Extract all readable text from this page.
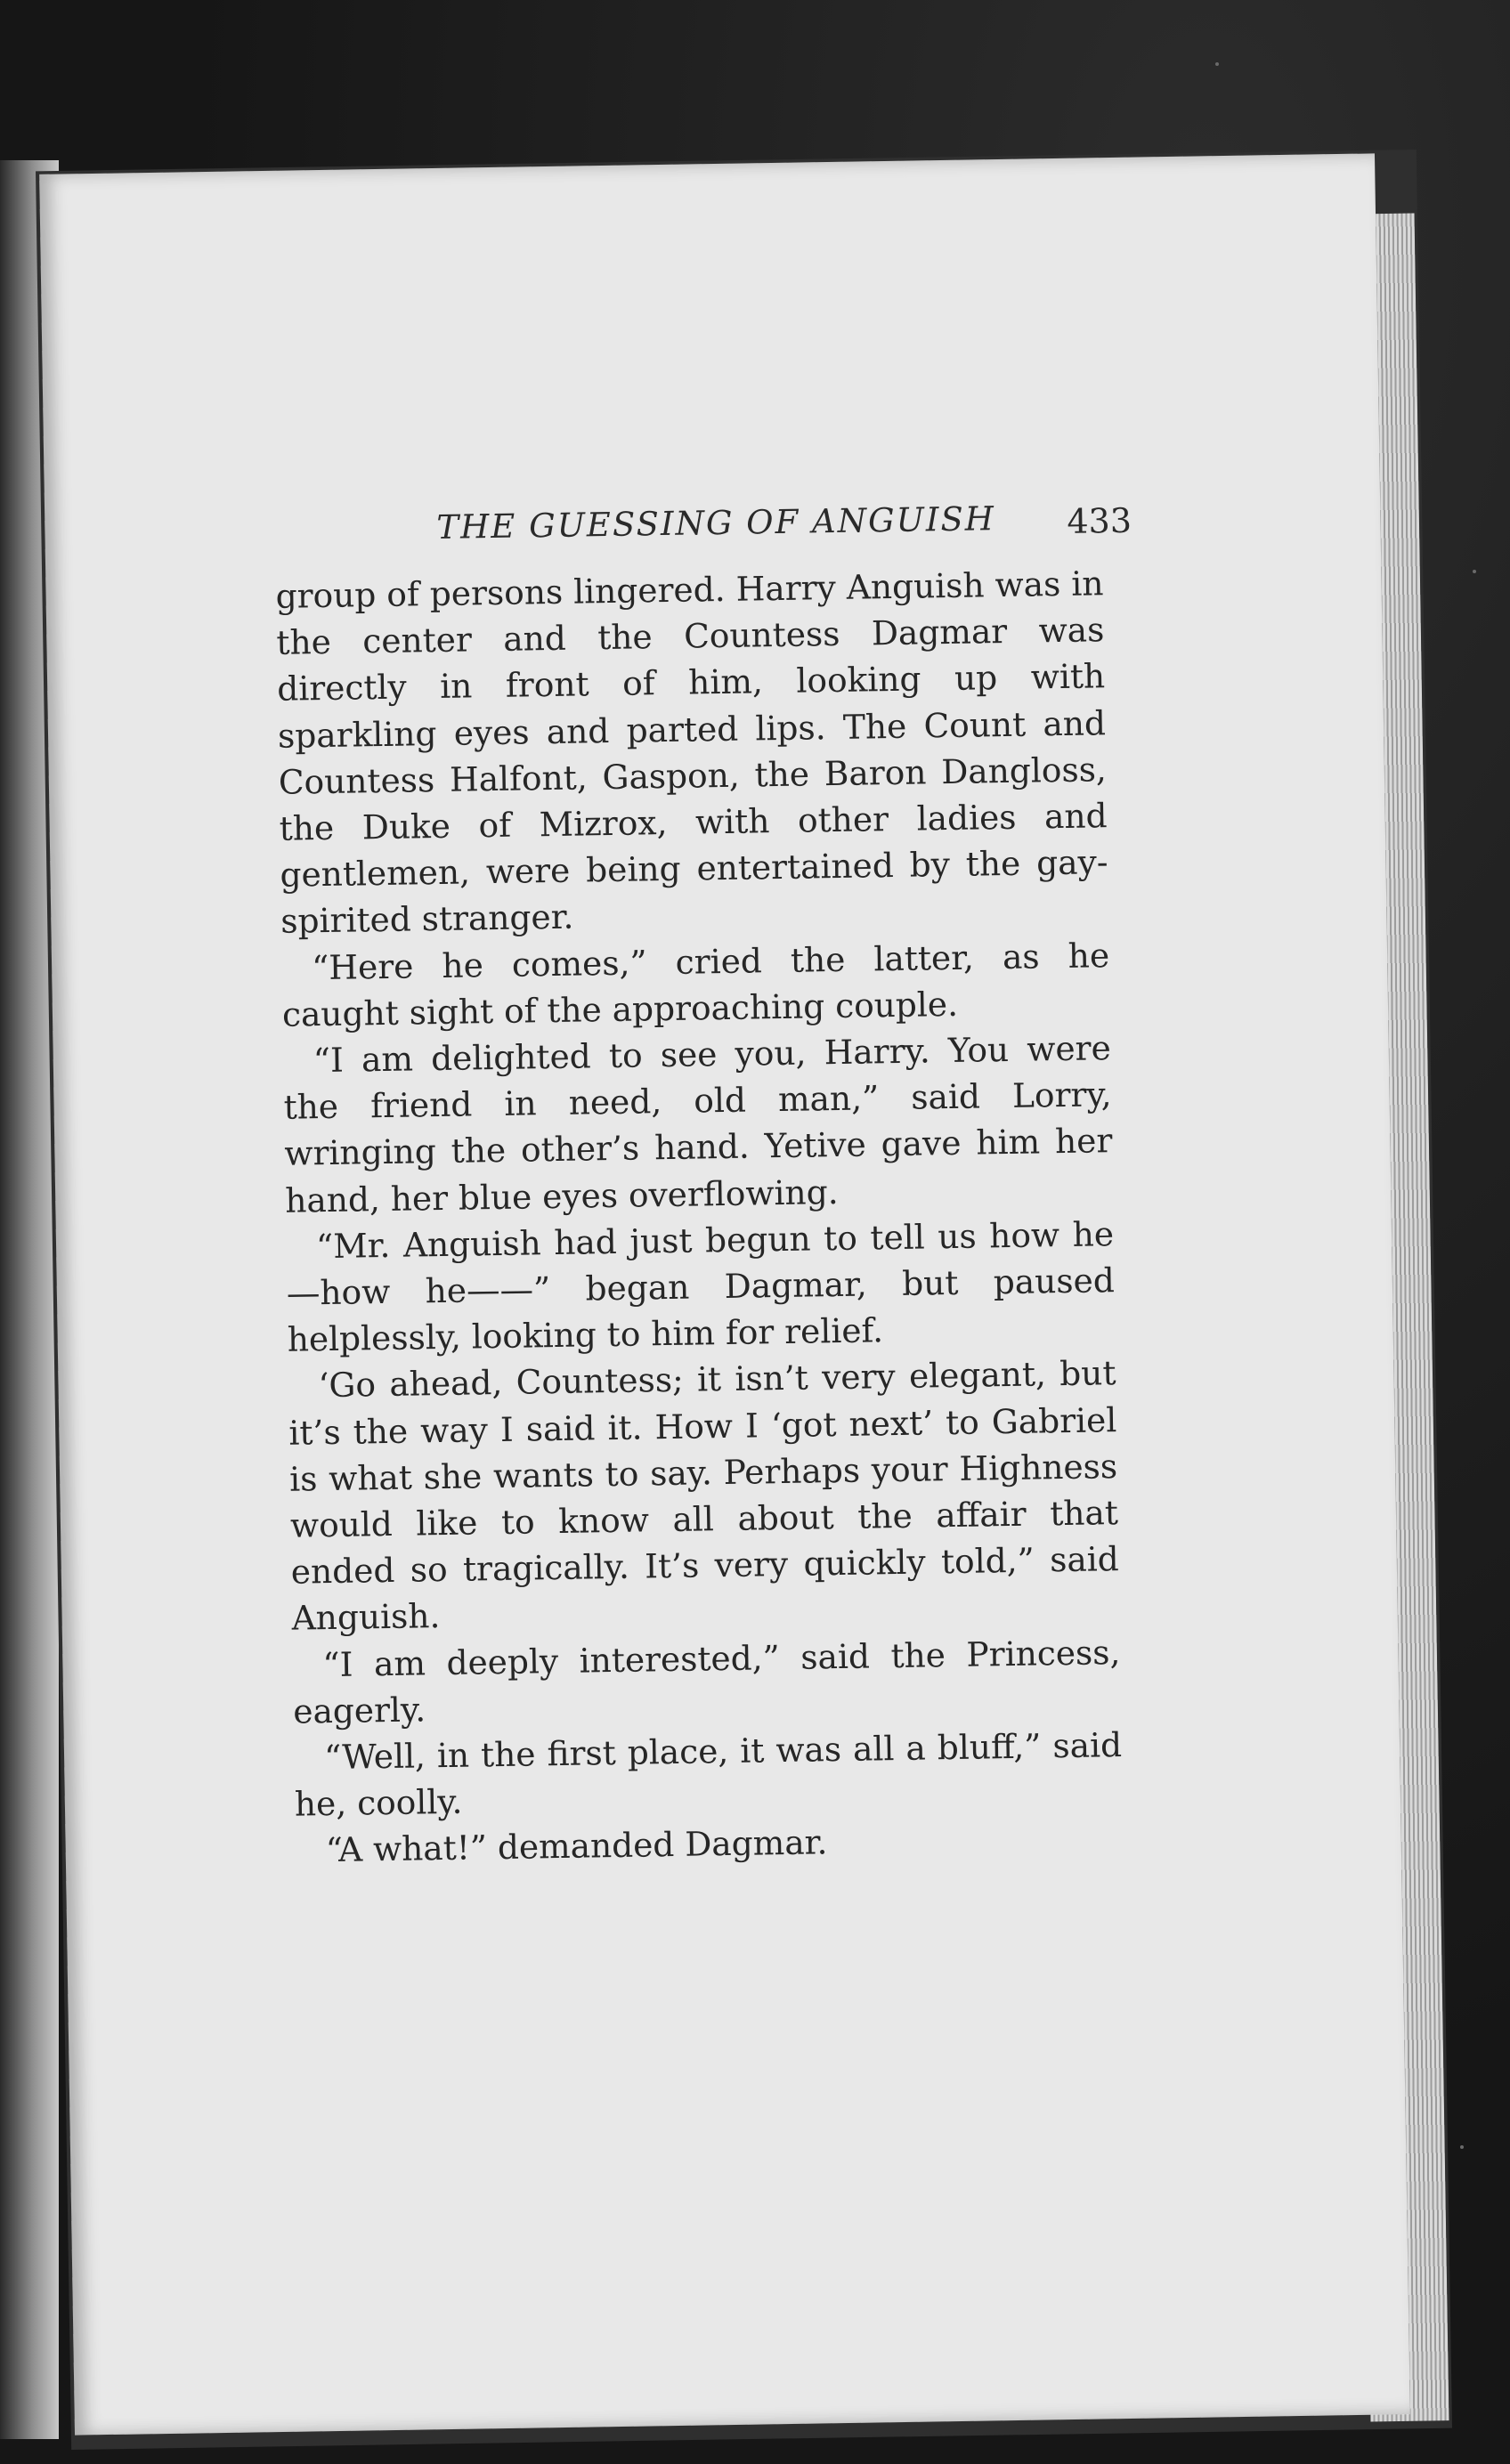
THE GUESSING OF ANGUISH 433

group of persons lingered. Harry Anguish was in the center and the Countess Dagmar was directly in front of him, looking up with sparkling eyes and parted lips. The Count and Countess Halfont, Gaspon, the Baron Dangloss, the Duke of Mizrox, with other ladies and gentlemen, were being entertained by the gay-spirited stranger.

“Here he comes,” cried the latter, as he caught sight of the approaching couple.

“I am delighted to see you, Harry. You were the friend in need, old man,” said Lorry, wringing the other’s hand. Yetive gave him her hand, her blue eyes overflowing.

“Mr. Anguish had just begun to tell us how he—how he——” began Dagmar, but paused helplessly, looking to him for relief.

‘Go ahead, Countess; it isn’t very elegant, but it’s the way I said it. How I ‘got next’ to Gabriel is what she wants to say. Perhaps your Highness would like to know all about the affair that ended so tragically. It’s very quickly told,” said Anguish.

“I am deeply interested,” said the Princess, eagerly.

“Well, in the first place, it was all a bluff,” said he, coolly.

“A what!” demanded Dagmar.
